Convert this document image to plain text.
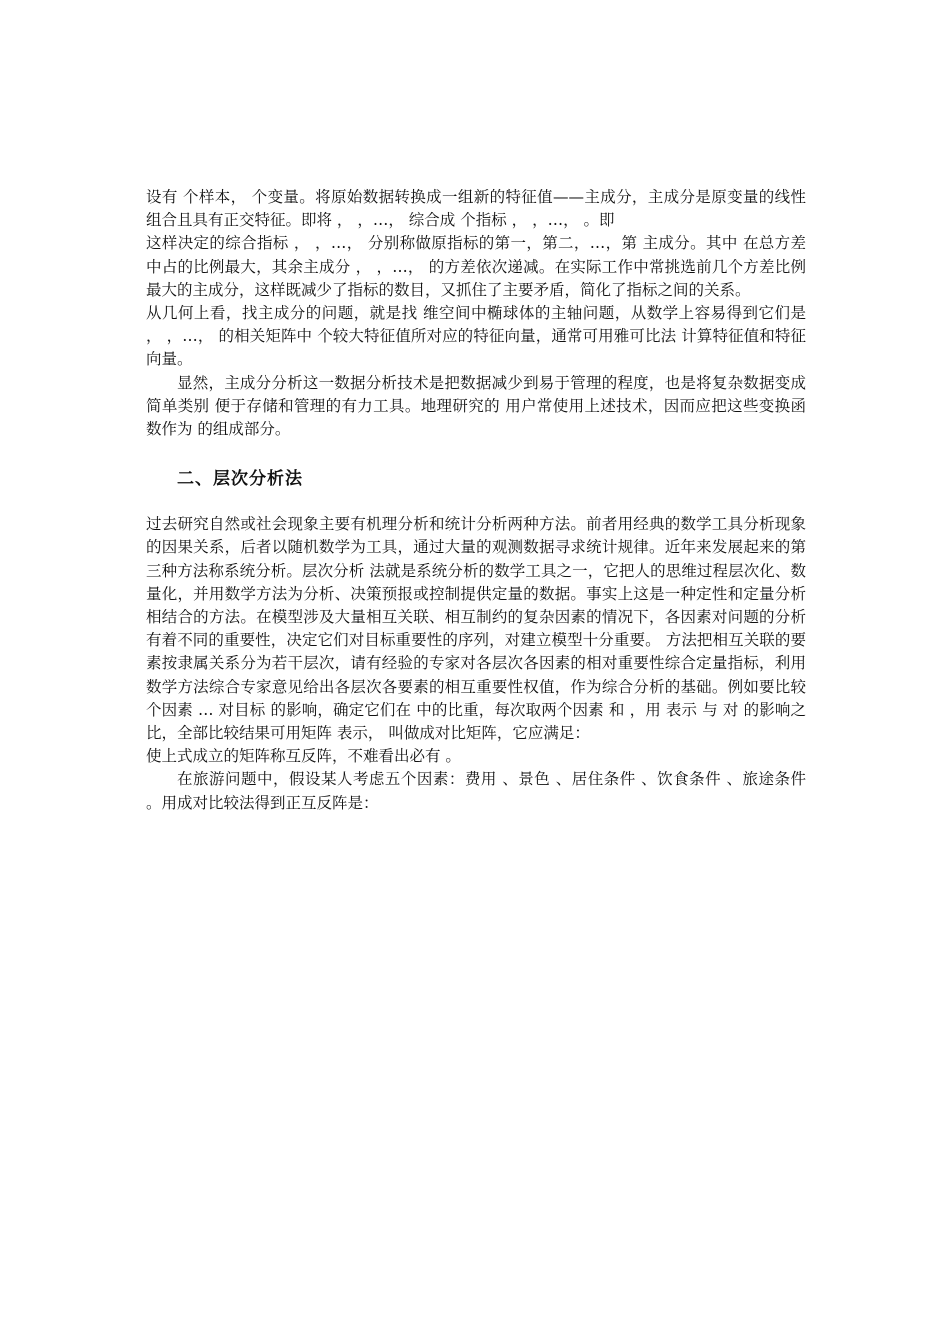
设有 个样本， 个变量。将原始数据转换成一组新的特征值——主成分，主成分是原变量的线性组合且具有正交特征。即将 ， ，…， 综合成 个指标 ， ，…， 。即

这样决定的综合指标 ， ，…， 分别称做原指标的第一，第二，…，第 主成分。其中 在总方差中占的比例最大，其余主成分 ， ，…， 的方差依次递减。在实际工作中常挑选前几个方差比例最大的主成分，这样既减少了指标的数目，又抓住了主要矛盾，简化了指标之间的关系。

从几何上看，找主成分的问题，就是找 维空间中椭球体的主轴问题，从数学上容易得到它们是 ， ，…， 的相关矩阵中 个较大特征值所对应的特征向量，通常可用雅可比法 计算特征值和特征向量。

显然，主成分分析这一数据分析技术是把数据减少到易于管理的程度，也是将复杂数据变成简单类别 便于存储和管理的有力工具。地理研究的 用户常使用上述技术，因而应把这些变换函数作为 的组成部分。

二、层次分析法

过去研究自然或社会现象主要有机理分析和统计分析两种方法。前者用经典的数学工具分析现象的因果关系，后者以随机数学为工具，通过大量的观测数据寻求统计规律。近年来发展起来的第三种方法称系统分析。层次分析 法就是系统分析的数学工具之一，它把人的思维过程层次化、数量化，并用数学方法为分析、决策预报或控制提供定量的数据。事实上这是一种定性和定量分析相结合的方法。在模型涉及大量相互关联、相互制约的复杂因素的情况下，各因素对问题的分析有着不同的重要性，决定它们对目标重要性的序列，对建立模型十分重要。 方法把相互关联的要素按隶属关系分为若干层次，请有经验的专家对各层次各因素的相对重要性综合定量指标，利用数学方法综合专家意见给出各层次各要素的相互重要性权值，作为综合分析的基础。例如要比较 个因素 … 对目标 的影响，确定它们在 中的比重，每次取两个因素 和 ，用 表示 与 对 的影响之比，全部比较结果可用矩阵 表示， 叫做成对比矩阵，它应满足：

使上式成立的矩阵称互反阵，不难看出必有 。

在旅游问题中，假设某人考虑五个因素：费用 、景色 、居住条件 、饮食条件 、旅途条件 。用成对比较法得到正互反阵是：
